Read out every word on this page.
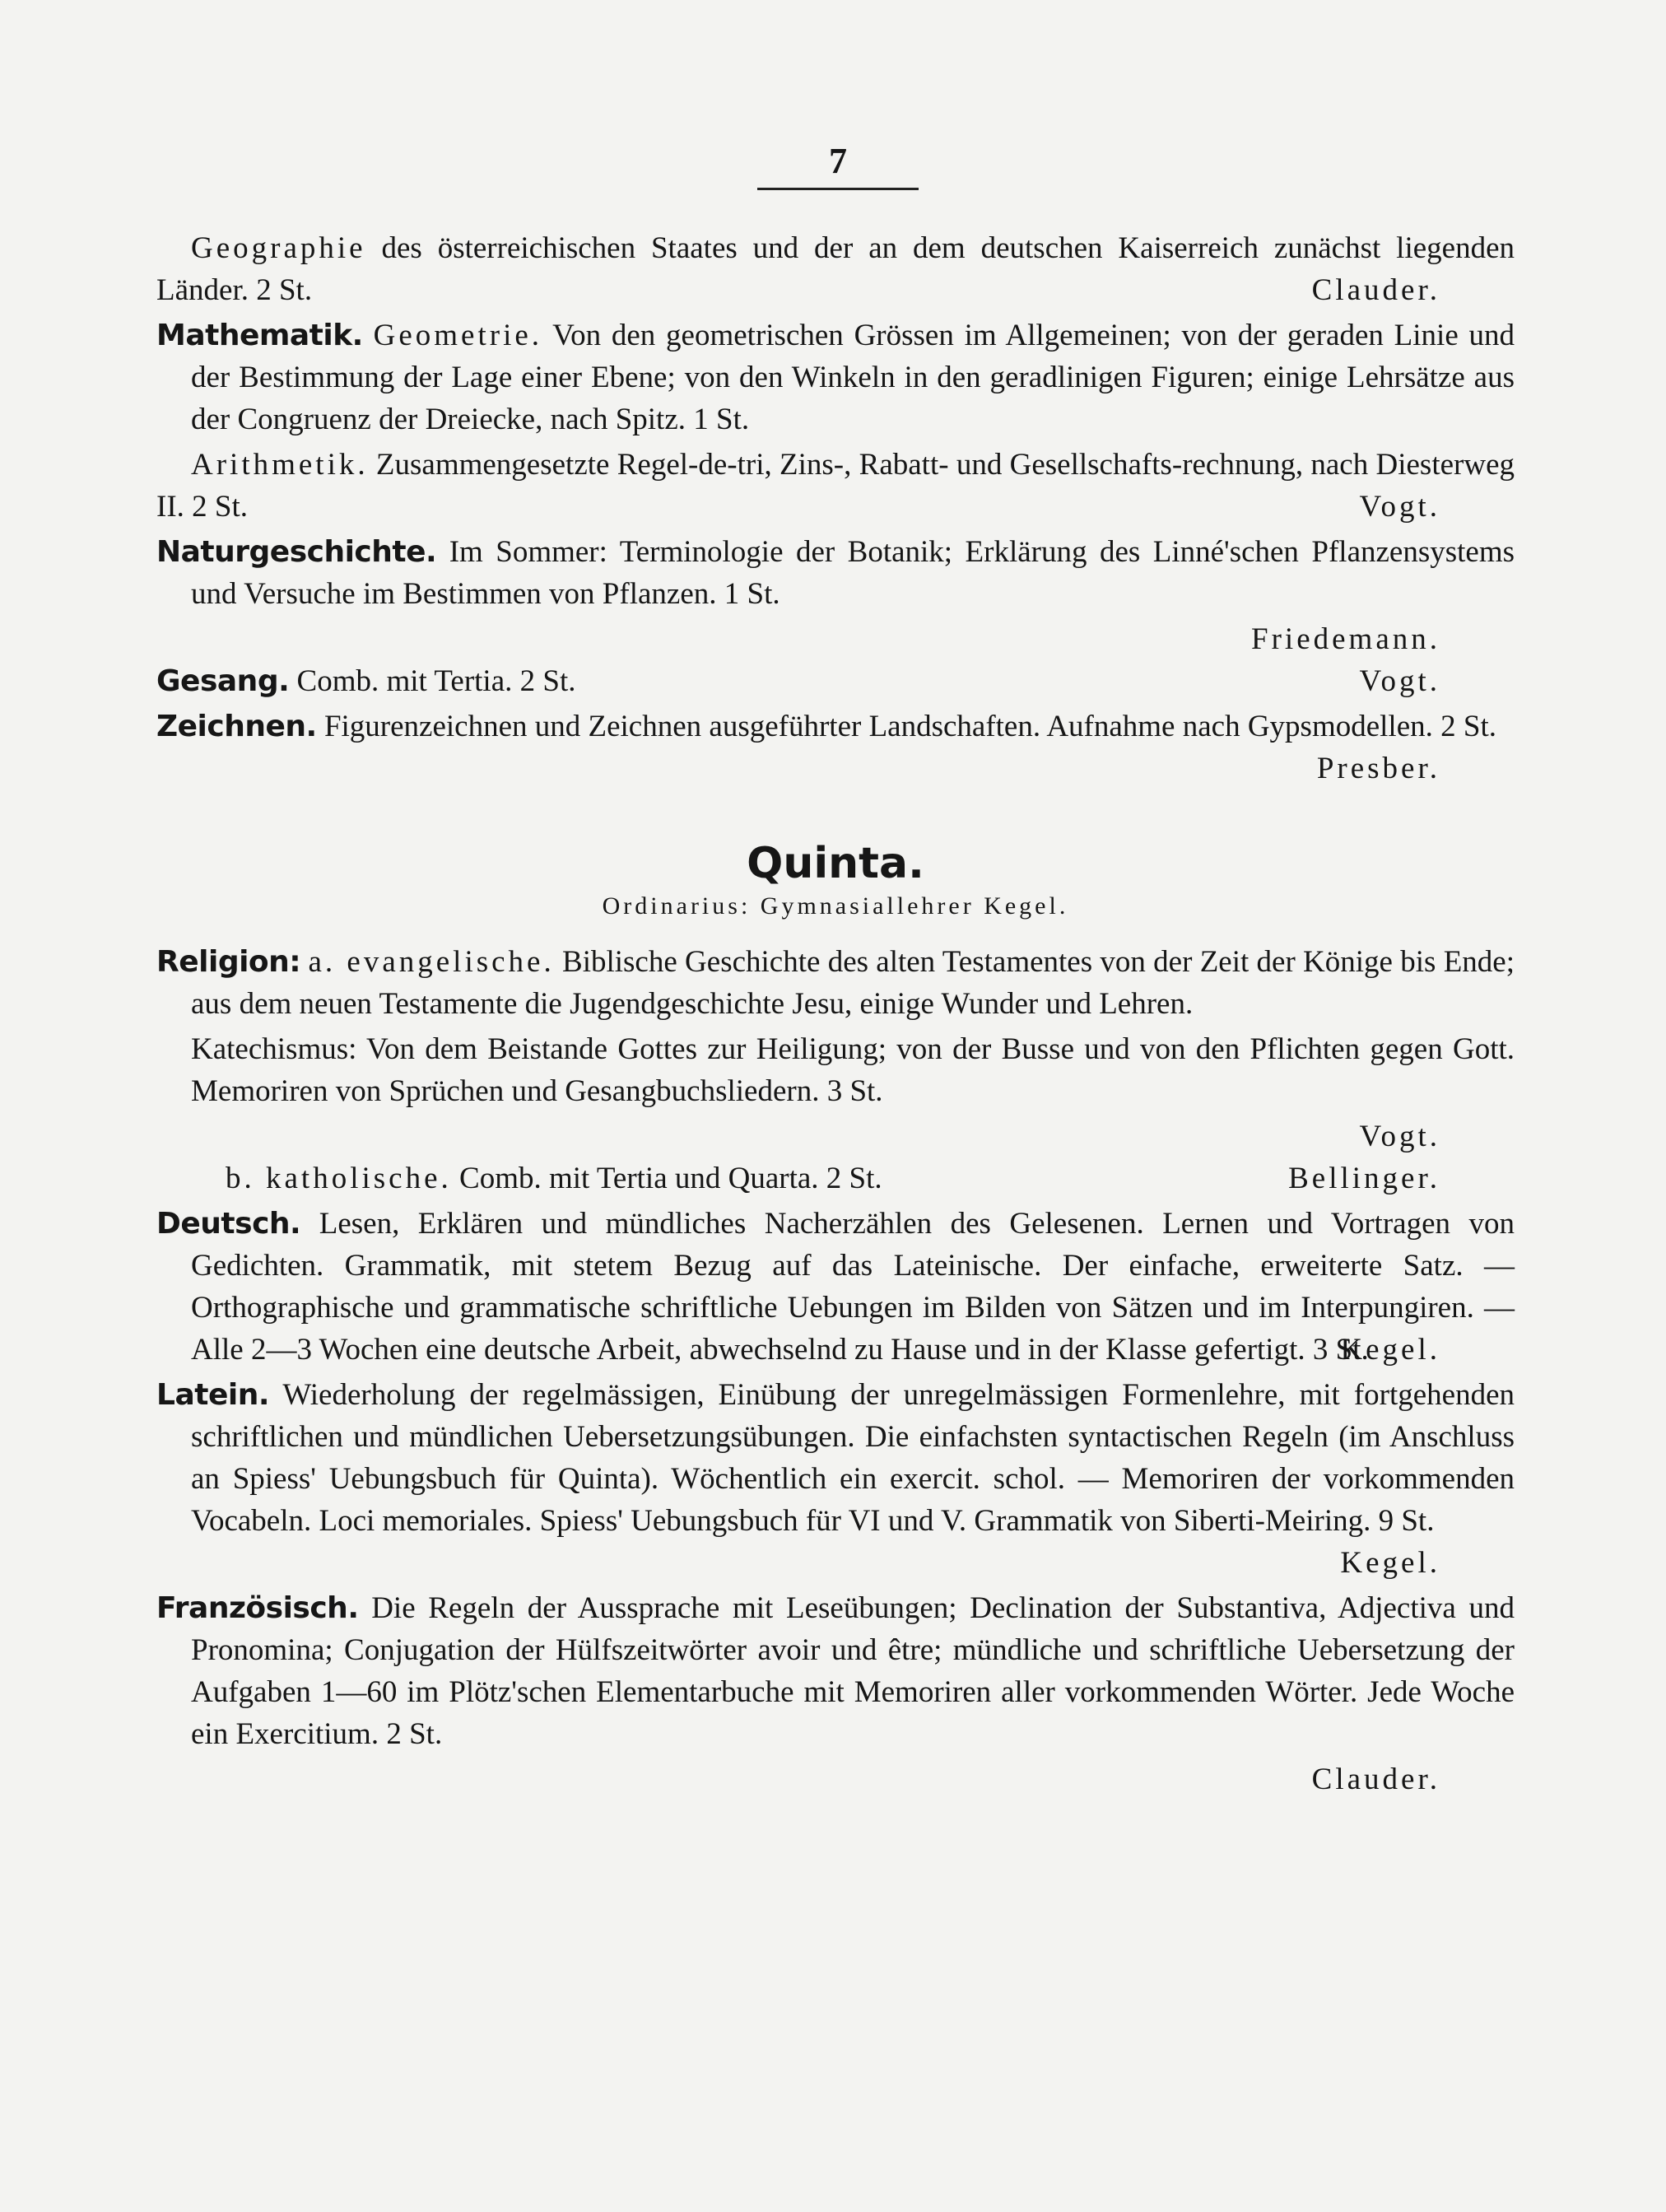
7

Geographie des österreichischen Staates und der an dem deutschen Kaiserreich zunächst liegenden Länder. 2 St.	Clauder.

Mathematik. Geometrie. Von den geometrischen Grössen im Allgemeinen; von der geraden Linie und der Bestimmung der Lage einer Ebene; von den Winkeln in den geradlinigen Figuren; einige Lehrsätze aus der Congruenz der Dreiecke, nach Spitz. 1 St.

Arithmetik. Zusammengesetzte Regel-de-tri, Zins-, Rabatt- und Gesellschafts-rechnung, nach Diesterweg II. 2 St.	Vogt.

Naturgeschichte. Im Sommer: Terminologie der Botanik; Erklärung des Linné'schen Pflanzensystems und Versuche im Bestimmen von Pflanzen. 1 St.

Friedemann.

Gesang. Comb. mit Tertia. 2 St.	Vogt.

Zeichnen. Figurenzeichnen und Zeichnen ausgeführter Landschaften. Aufnahme nach Gypsmodellen. 2 St.
Presber.

Quinta.
Ordinarius: Gymnasiallehrer Kegel.

Religion: a. evangelische. Biblische Geschichte des alten Testamentes von der Zeit der Könige bis Ende; aus dem neuen Testamente die Jugendgeschichte Jesu, einige Wunder und Lehren.

Katechismus: Von dem Beistande Gottes zur Heiligung; von der Busse und von den Pflichten gegen Gott. Memoriren von Sprüchen und Gesangbuchsliedern. 3 St.

Vogt.

b. katholische. Comb. mit Tertia und Quarta. 2 St.	Bellinger.

Deutsch. Lesen, Erklären und mündliches Nacherzählen des Gelesenen. Lernen und Vortragen von Gedichten. Grammatik, mit stetem Bezug auf das Lateinische. Der einfache, erweiterte Satz. — Orthographische und grammatische schriftliche Uebungen im Bilden von Sätzen und im Interpungiren. — Alle 2—3 Wochen eine deutsche Arbeit, abwechselnd zu Hause und in der Klasse gefertigt. 3 St.
Kegel.

Latein. Wiederholung der regelmässigen, Einübung der unregelmässigen Formenlehre, mit fortgehenden schriftlichen und mündlichen Uebersetzungsübungen. Die einfachsten syntactischen Regeln (im Anschluss an Spiess' Uebungsbuch für Quinta). Wöchentlich ein exercit. schol. — Memoriren der vorkommenden Vocabeln. Loci memoriales. Spiess' Uebungsbuch für VI und V. Grammatik von Siberti-Meiring. 9 St.
Kegel.

Französisch. Die Regeln der Aussprache mit Leseübungen; Declination der Substantiva, Adjectiva und Pronomina; Conjugation der Hülfszeitwörter avoir und être; mündliche und schriftliche Uebersetzung der Aufgaben 1—60 im Plötz'schen Elementarbuche mit Memoriren aller vorkommenden Wörter. Jede Woche ein Exercitium. 2 St.

Clauder.
